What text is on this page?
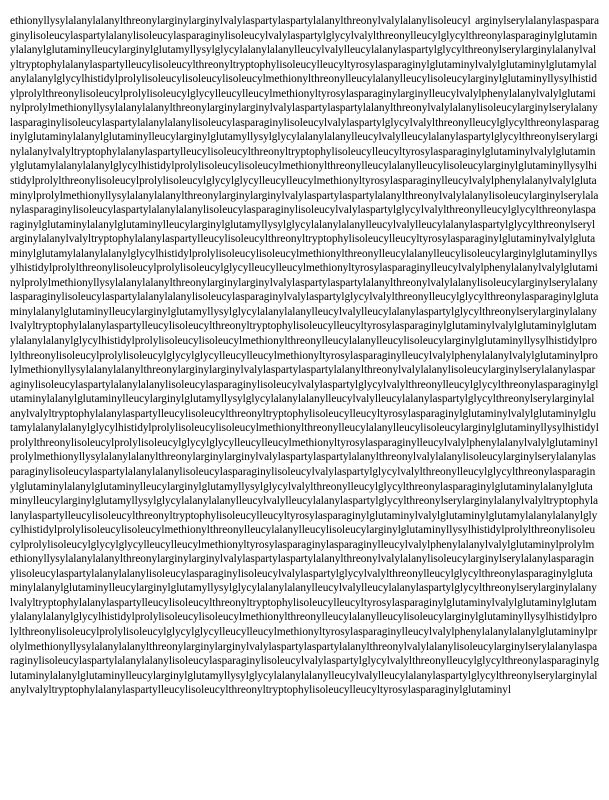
ethionyllysylalanylalanylthreonylarginylarginylvalylaspartylaspartylalanylthreonylvalylalanylisoleucyl arginylserylalanylaspasparaginylisoleucylaspartylalanylisoleucylasparaginylisoleucylvalylaspartylglycylvalylthreonylleucylglycylthreonylasparaginylglutaminylalanylglutaminylleucylarginylglutamyllysylglycylalanylalanylleucylvalylleucylalanylaspartylglycylthreonylserylarginylalanylvalyltryptophylalanylaspartylleucylisoleucylthreonyltryptophylisoleucylleucyltyrosylasparaginylglutaminylvalylglutaminylglutamylalanylalanylglycylhistidylprolylisoleucylisoleucylisoleucylmethionylthreonylleucylalanylleucylisoleucylarginylglutaminyllysylhistidylprolylthreonylisoleucylprolylisoleucylglycylleucylleucylmethionyltyrosylasparaginylarginylleucylvalylphenylalanylvalylglutaminylprolylmethionyllysylalanylalanylthreonylarginylarginylvalylaspartylaspartylalanylthreonylvalylalanylisoleucylarginylserylalanylasparaginylisoleucylaspartylalanylalanylisoleucylasparaginylisoleucylvalylaspartylglycylvalylthreonylleucylglycylthreonylasparaginylglutaminylalanylglutaminylleucylarginylglutamyllysylglycylalanylalanylleucylvalylleucylalanylaspartylglycylthreonylserylarginylalanylvalyltryptophylalanylaspartylleucylisoleucylthreonyltryptophylisoleucylleucyltyrosylasparaginylglutaminylvalylglutaminylglutamylalanylalanylglycylhistidylprolylisoleucylisoleucylmethionylthreonylleucylalanylleucylisoleucylarginylglutaminyllysylhistidylprolylthreonylisoleucylprolylisoleucylglycylglycylleucylleucylmethionyltyrosylasparaginylleucylvalylphenylalanylvalylglutaminylprolylmethionyllysylalanylalanylthreonylarginylarginylvalylaspartylaspartylalanylthreonylvalylalanylisoleucylarginylserylalanylasparaginylisoleucylaspartylalanylalanylisoleucylasparaginylisoleucylvalylaspartylglycylvalylthreonylleucylglycylthreonylasparaginylglutaminylalanylglutaminylleucylarginylglutamyllysylglycylalanylalanylleucylvalylleucylalanylaspartylglycylthreonylserylarginylalanylvalyltryptophylalanylaspartylleucylisoleucylthreonyltryptophylisoleucylleucyltyrosylasparaginylglutaminylvalylglutaminylglutamylalanylalanylglycylhistidylprolylisoleucylisoleucylmethionylthreonylleucylalanylleucylisoleucylarginylglutaminyllysylhistidylprolylthreonylisoleucylprolylisoleucylglycylleucylleucylmethionyltyrosylasparaginylleucylvalylphenylalanylvalylglutaminylprolylmethionyllysylalanylalanylthreonylarginylarginylvalylaspartylaspartylalanylthreonylvalylalanylisoleucylarginylserylalanylasparaginylisoleucylaspartylalanylalanylisoleucylasparaginylvalylaspartylglycylvalylthreonylleucylglycylthreonylasparaginylglutaminylalanylglutaminylleucylarginylglutamyllysylglycylalanylalanylleucylvalylleucylalanylaspartylglycylthreonylserylarginylalanylvalyltryptophylalanylaspartylleucylisoleucylthreonyltryptophylisoleucylleucyltyrosylasparaginylglutaminylvalylglutaminylglutamylalanylalanylglycylhistidylprolylisoleucylisoleucylmethionylthreonylleucylalanylleucylisoleucylarginylglutaminyllysylhistidylprolylthreonylisoleucylprolylisoleucylglycylglycylleucylleucylmethionyltyrosylasparaginylleucylvalylphenylalanylvalylglutaminylprolylmethionyllysylalanylalanylthreonylarginylarginylvalylaspartylaspartylalanylthreonylvalylalanylisoleucylarginylserylalanylasparaginylisoleucylaspartylalanylalanylisoleucylasparaginylisoleucylvalylaspartylglycylvalylthreonylleucylglycylthreonylasparaginylglutaminylalanylglutaminylleucylarginylglutamyllysylglycylalanylalanylleucylvalylleucylalanylaspartylglycylthreonylserylarginylalanylvalyltryptophylalanylaspartylleucylisoleucylthreonyltryptophylisoleucylleucyltyrosylasparaginylglutaminylvalylglutaminylglutamylalanylalanylglycylhistidylprolylisoleucylisoleucylmethionylthreonylleucylalanylleucylisoleucylarginylglutaminyllysylhistidylprolylthreonylisoleucylprolylisoleucylglycylglycylleucylleucylmethionyltyrosylasparaginylleucylvalylphenylalanylvalylglutaminylprolylmethionyllysylalanylalanylthreonylarginylarginylvalylaspartylaspartylalanylthreonylvalylalanylisoleucylarginylserylalanylasparaginylisoleucylaspartylalanylalanylisoleucylasparaginylisoleucylvalylaspartylglycylvalylthreonylleucylglycylthreonylasparaginylglutaminylalanylglutaminylleucylarginylglutamyllysylglycylvalylthreonylleucylglycylthreonylasparaginylglutaminylalanylglutaminylleucylarginylglutamyllysylglycylalanylalanylleucylvalylleucylalanylaspartylglycylthreonylserylarginylalanylvalyltryptophylalanylaspartylleucylisoleucylthreonyltryptophylisoleucylleucyltyrosylasparaginylglutaminylvalylglutaminylglutamylalanylalanylglycylhistidylprolylisoleucylisoleucylmethionylthreonylleucylalanylleucylisoleucylarginylglutaminyllysylhistidylprolylthreonylisoleucylprolylisoleucylglycylglycylleucylleucylmethionyltyrosylasparaginylasparaginylleucylvalylphenylalanylvalylglutaminylprolylmethionyllysylalanylalanylthreonylarginylarginylvalylaspartylaspartylalanylthreonylvalylalanylisoleucylarginylserylalanylasparaginylisoleucylaspartylalanylalanylisoleucylasparaginylisoleucylvalylaspartylglycylvalylthreonylleucylglycylthreonylasparaginylglutaminylalanylglutaminylleucylarginylglutamyllysylglycylalanylalanylleucylvalylleucylalanylaspartylglycylthreonylserylarginylalanylvalyltryptophylalanylaspartylleucylisoleucylthreonyltryptophylisoleucylleucyltyrosylasparaginylglutaminylvalylglutaminylglutamylalanylalanylglycylhistidylprolylisoleucylisoleucylmethionylthreonylleucylalanylleucylisoleucylarginylglutaminyllysylhistidylprolylthreonylisoleucylprolylisoleucylglycylglycylleucylleucylmethionyltyrosylasparaginylleucylvalylphenylalanylalanylglutaminylprolylmethionyllysylalanylalanylthreonylarginylarginylvalylaspartylaspartylalanylthreonylvalylalanylisoleucylarginylserylalanylasparaginylisoleucylaspartylalanylalanylisoleucylasparaginylisoleucylvalylaspartylglycylvalylthreonylleucylglycylthreonylasparaginylglutaminylalanylglutaminylleucylarginylglutamyllysylglycylalanylalanylleucylvalylleucylalanylaspartylglycylthreonylserylarginylalanylvalyltryptophylalanylaspartylleucylisoleucylthreonyltryptophylisoleucylleucyltyrosylasparaginylglutaminyl
